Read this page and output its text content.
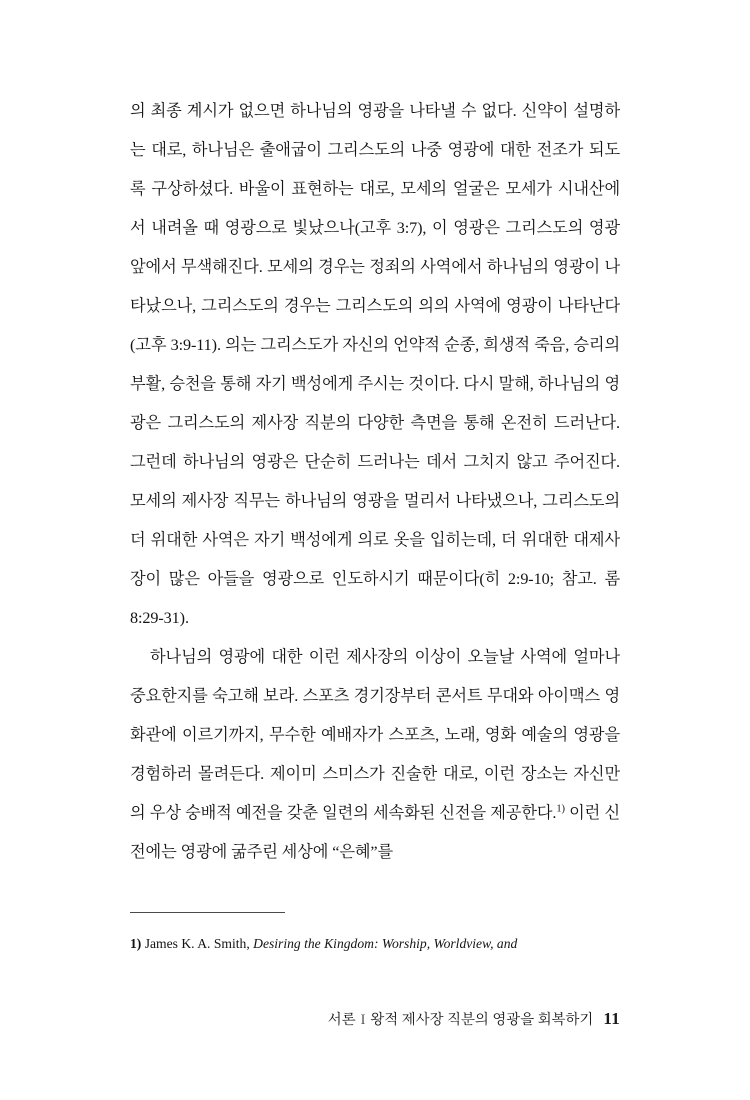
의 최종 계시가 없으면 하나님의 영광을 나타낼 수 없다. 신약이 설명하는 대로, 하나님은 출애굽이 그리스도의 나중 영광에 대한 전조가 되도록 구상하셨다. 바울이 표현하는 대로, 모세의 얼굴은 모세가 시내산에서 내려올 때 영광으로 빛났으나(고후 3:7), 이 영광은 그리스도의 영광 앞에서 무색해진다. 모세의 경우는 정죄의 사역에서 하나님의 영광이 나타났으나, 그리스도의 경우는 그리스도의 의의 사역에 영광이 나타난다(고후 3:9-11). 의는 그리스도가 자신의 언약적 순종, 희생적 죽음, 승리의 부활, 승천을 통해 자기 백성에게 주시는 것이다. 다시 말해, 하나님의 영광은 그리스도의 제사장 직분의 다양한 측면을 통해 온전히 드러난다. 그런데 하나님의 영광은 단순히 드러나는 데서 그치지 않고 주어진다. 모세의 제사장 직무는 하나님의 영광을 멀리서 나타냈으나, 그리스도의 더 위대한 사역은 자기 백성에게 의로 옷을 입히는데, 더 위대한 대제사장이 많은 아들을 영광으로 인도하시기 때문이다(히 2:9-10; 참고. 롬 8:29-31).

하나님의 영광에 대한 이런 제사장의 이상이 오늘날 사역에 얼마나 중요한지를 숙고해 보라. 스포츠 경기장부터 콘서트 무대와 아이맥스 영화관에 이르기까지, 무수한 예배자가 스포츠, 노래, 영화 예술의 영광을 경험하러 몰려든다. 제이미 스미스가 진술한 대로, 이런 장소는 자신만의 우상 숭배적 예전을 갖춘 일련의 세속화된 신전을 제공한다.$^{1)}$ 이런 신전에는 영광에 굶주린 세상에 “은혜”를

1) James K. A. Smith, Desiring the Kingdom: Worship, Worldview, and

서론 I 왕적 제사장 직분의 영광을 회복하기 11
